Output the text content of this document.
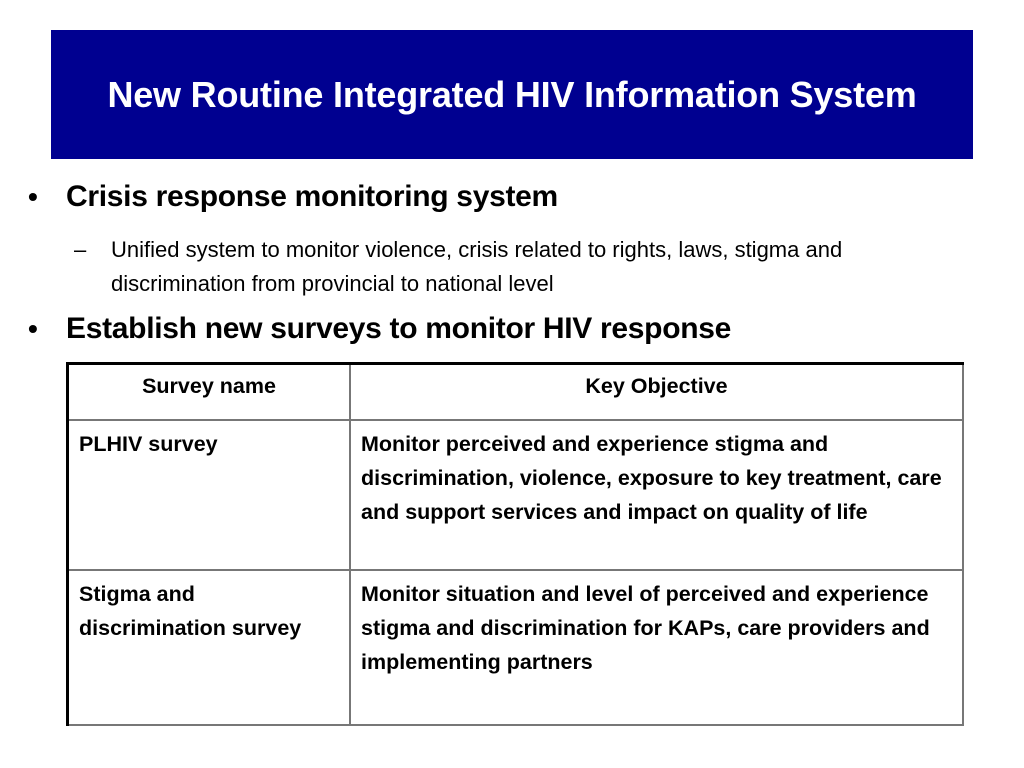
New Routine Integrated HIV Information System
• Crisis response monitoring system
–	Unified system to monitor violence, crisis related to rights, laws, stigma and discrimination from provincial to national level
• Establish new surveys to monitor HIV response
Survey name	Key Objective
PLHIV survey	Monitor perceived and experience stigma and discrimination, violence, exposure to key treatment, care and support services and impact on quality of life
Stigma and discrimination survey	Monitor situation and level of perceived and experience stigma and discrimination for KAPs, care providers and implementing partners
